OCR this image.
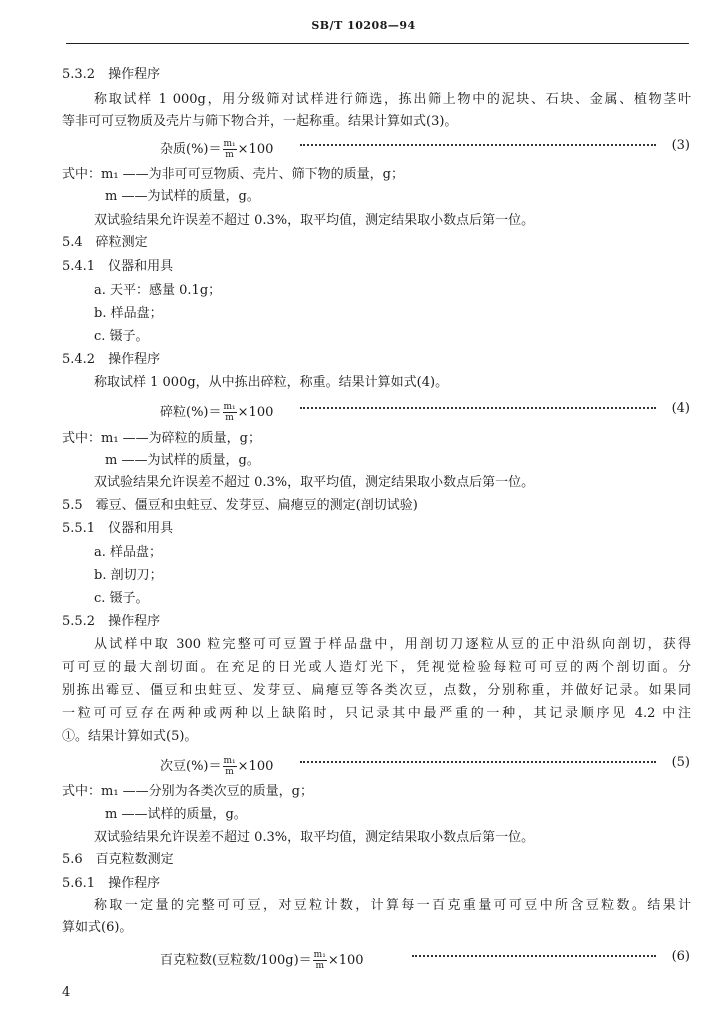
SB/T 10208—94
5.3.2　操作程序
称取试样 1 000g，用分级筛对试样进行筛选，拣出筛上物中的泥块、石块、金属、植物茎叶
等非可可豆物质及壳片与筛下物合并，一起称重。结果计算如式(3)。
杂质(%)＝ $\frac{\text{m₁}}{m} \times 100$	(3)
式中：m₁ ——为非可可豆物质、壳片、筛下物的质量，g；
m ——为试样的质量，g。
双试验结果允许误差不超过 0.3%，取平均值，测定结果取小数点后第一位。
5.4　碎粒测定
5.4.1　仪器和用具
a. 天平：感量 0.1g；
b. 样品盘；
c. 镊子。
5.4.2　操作程序
称取试样 1 000g，从中拣出碎粒，称重。结果计算如式(4)。
碎粒(%)＝ $\frac{\text{m₁}}{m} \times 100$	(4)
式中：m₁ ——为碎粒的质量，g；
m ——为试样的质量，g。
双试验结果允许误差不超过 0.3%，取平均值，测定结果取小数点后第一位。
5.5　霉豆、僵豆和虫蛀豆、发芽豆、扁瘪豆的测定(剖切试验)
5.5.1　仪器和用具
a. 样品盘；
b. 剖切刀；
c. 镊子。
5.5.2　操作程序
从试样中取 300 粒完整可可豆置于样品盘中，用剖切刀逐粒从豆的正中沿纵向剖切，获得
可可豆的最大剖切面。在充足的日光或人造灯光下，凭视觉检验每粒可可豆的两个剖切面。分
别拣出霉豆、僵豆和虫蛀豆、发芽豆、扁瘪豆等各类次豆，点数，分别称重，并做好记录。如果同
一粒可可豆存在两种或两种以上缺陷时，只记录其中最严重的一种，其记录顺序见 4.2 中注
①。结果计算如式(5)。
次豆(%)＝ $\frac{\text{m₁}}{m} \times 100$	(5)
式中：m₁ ——分别为各类次豆的质量，g；
m ——试样的质量，g。
双试验结果允许误差不超过 0.3%，取平均值，测定结果取小数点后第一位。
5.6　百克粒数测定
5.6.1　操作程序
称取一定量的完整可可豆，对豆粒计数，计算每一百克重量可可豆中所含豆粒数。结果计
算如式(6)。
百克粒数(豆粒数$/100g)= \frac{\text{m₁}}{m} \times 100$	(6)
4
